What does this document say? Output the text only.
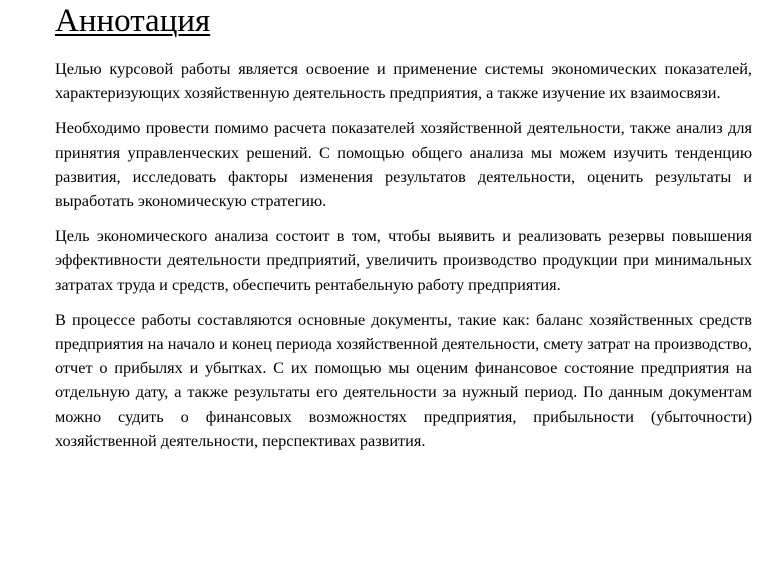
Аннотация

Целью курсовой работы является освоение и применение системы экономических показателей, характеризующих хозяйственную деятельность предприятия, а также изучение их взаимосвязи.

Необходимо провести помимо расчета показателей хозяйственной деятельности, также анализ для принятия управленческих решений. С помощью общего анализа мы можем изучить тенденцию развития, исследовать факторы изменения результатов деятельности, оценить результаты и выработать экономическую стратегию.

Цель экономического анализа состоит в том, чтобы выявить и реализовать резервы повышения эффективности деятельности предприятий, увеличить производство продукции при минимальных затратах труда и средств, обеспечить рентабельную работу предприятия.

В процессе работы составляются основные документы, такие как: баланс хозяйственных средств предприятия на начало и конец периода хозяйственной деятельности, смету затрат на производство, отчет о прибылях и убытках. С их помощью мы оценим финансовое состояние предприятия на отдельную дату, а также результаты его деятельности за нужный период. По данным документам можно судить о финансовых возможностях предприятия, прибыльности (убыточности) хозяйственной деятельности, перспективах развития.
